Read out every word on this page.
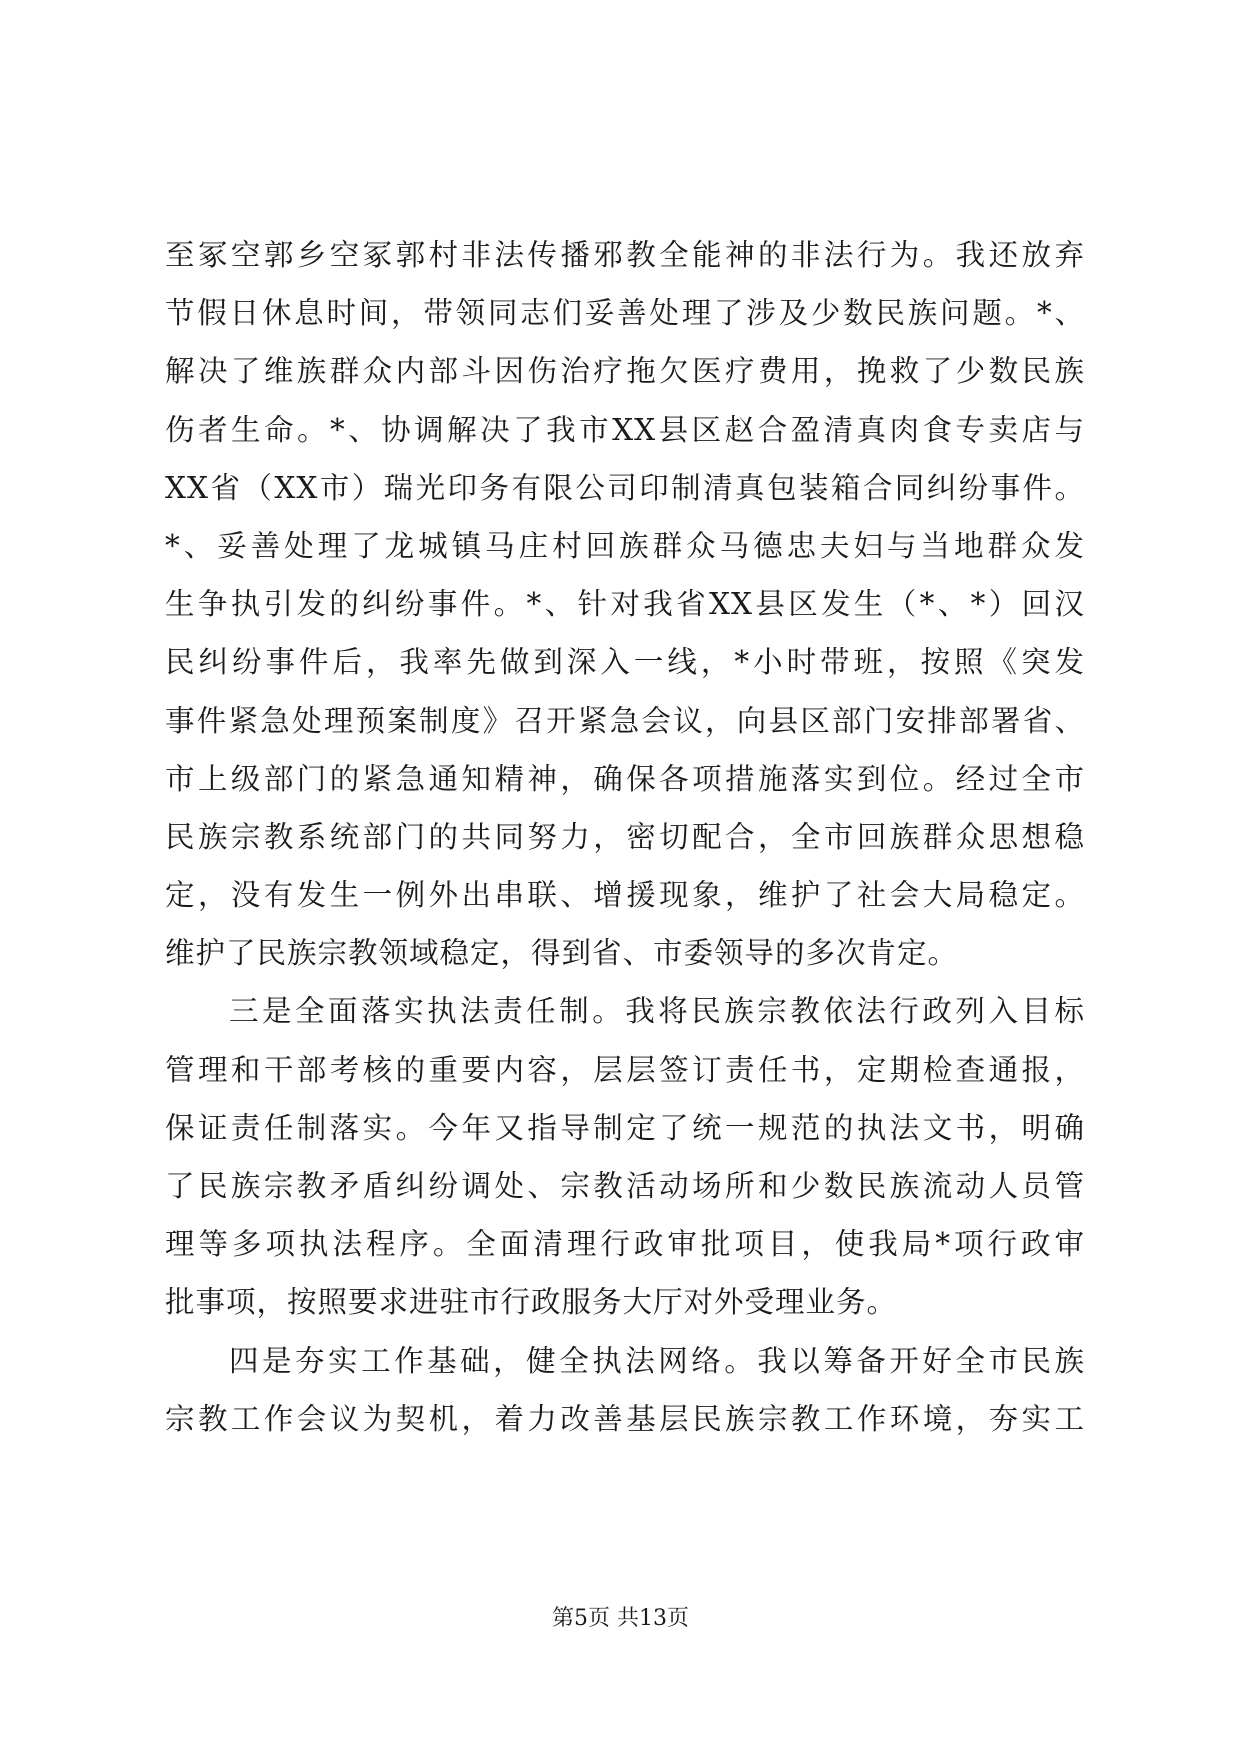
至冢空郭乡空冢郭村非法传播邪教全能神的非法行为。我还放弃
节假日休息时间，带领同志们妥善处理了涉及少数民族问题。*、
解决了维族群众内部斗因伤治疗拖欠医疗费用，挽救了少数民族
伤者生命。*、协调解决了我市XX县区赵合盈清真肉食专卖店与
XX省（XX市）瑞光印务有限公司印制清真包装箱合同纠纷事件。
*、妥善处理了龙城镇马庄村回族群众马德忠夫妇与当地群众发
生争执引发的纠纷事件。*、针对我省XX县区发生（*、*）回汉
民纠纷事件后，我率先做到深入一线，*小时带班，按照《突发
事件紧急处理预案制度》召开紧急会议，向县区部门安排部署省、
市上级部门的紧急通知精神，确保各项措施落实到位。经过全市
民族宗教系统部门的共同努力，密切配合，全市回族群众思想稳
定，没有发生一例外出串联、增援现象，维护了社会大局稳定。
维护了民族宗教领域稳定，得到省、市委领导的多次肯定。
三是全面落实执法责任制。我将民族宗教依法行政列入目标
管理和干部考核的重要内容，层层签订责任书，定期检查通报，
保证责任制落实。今年又指导制定了统一规范的执法文书，明确
了民族宗教矛盾纠纷调处、宗教活动场所和少数民族流动人员管
理等多项执法程序。全面清理行政审批项目，使我局*项行政审
批事项，按照要求进驻市行政服务大厅对外受理业务。
四是夯实工作基础，健全执法网络。我以筹备开好全市民族
宗教工作会议为契机，着力改善基层民族宗教工作环境，夯实工
第5页 共13页
